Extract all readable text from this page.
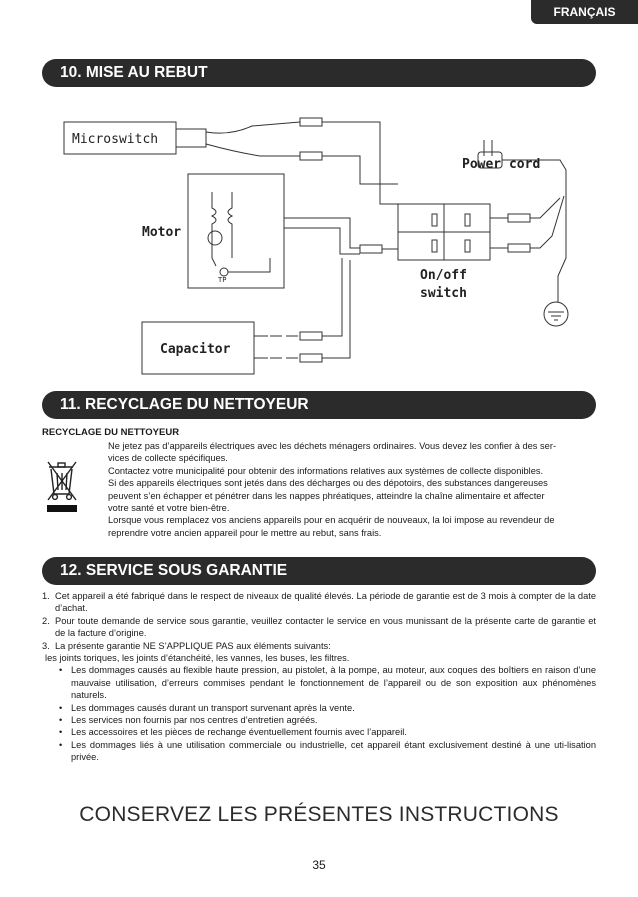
FRANÇAIS
10. MISE AU REBUT
Microswitch
Motor
TP
Capacitor
Power cord
On/off
switch
11. RECYCLAGE DU NETTOYEUR
RECYCLAGE DU NETTOYEUR

Ne jetez pas d’appareils électriques avec les déchets ménagers ordinaires. Vous devez les confier à des ser-

vices de collecte spécifiques.

Contactez votre municipalité pour obtenir des informations relatives aux systèmes de collecte disponibles.

Si des appareils électriques sont jetés dans des décharges ou des dépotoirs, des substances dangereuses

peuvent s’en échapper et pénétrer dans les nappes phréatiques, atteindre la chaîne alimentaire et affecter

votre santé et votre bien-être.

Lorsque vous remplacez vos anciens appareils pour en acquérir de nouveaux, la loi impose au revendeur de

reprendre votre ancien appareil pour le mettre au rebut, sans frais.

12. SERVICE SOUS GARANTIE
1. Cet appareil a été fabriqué dans le respect de niveaux de qualité élevés. La période de garantie est de 3 mois à compter de la date d’achat.
2. Pour toute demande de service sous garantie, veuillez contacter le service en vous munissant de la présente carte de garantie et de la facture d’origine.
3. La présente garantie NE S’APPLIQUE PAS aux éléments suivants:
les joints toriques, les joints d’étanchéité, les vannes, les buses, les filtres.
• Les dommages causés au flexible haute pression, au pistolet, à la pompe, au moteur, aux coques des boîtiers en raison d’une mauvaise utilisation, d’erreurs commises pendant le fonctionnement de l’appareil ou de son exposition aux phénomènes naturels.
• Les dommages causés durant un transport survenant après la vente.
• Les services non fournis par nos centres d’entretien agréés.
• Les accessoires et les pièces de rechange éventuellement fournis avec l’appareil.
• Les dommages liés à une utilisation commerciale ou industrielle, cet appareil étant exclusivement destiné à une uti-lisation privée.
CONSERVEZ LES PRÉSENTES INSTRUCTIONS
35
